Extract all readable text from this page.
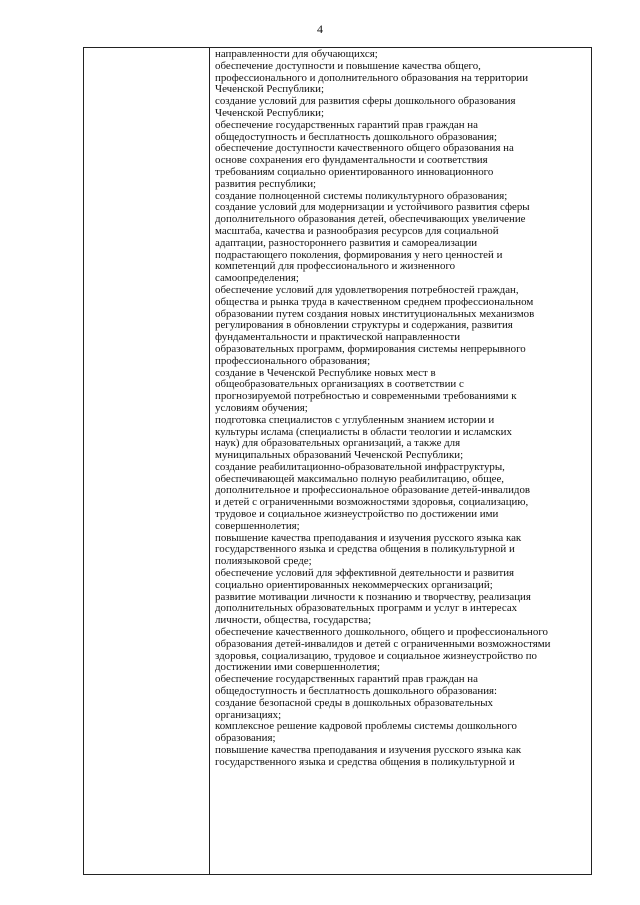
4
направленности для обучающихся;
обеспечение доступности и повышение качества общего,
профессионального и дополнительного образования на территории
Чеченской Республики;
создание условий для развития сферы дошкольного образования
Чеченской Республики;
обеспечение государственных гарантий прав граждан на
общедоступность и бесплатность дошкольного образования;
обеспечение доступности качественного общего образования на
основе сохранения его фундаментальности и соответствия
требованиям социально ориентированного инновационного
развития республики;
создание полноценной системы поликультурного образования;
создание условий для модернизации и устойчивого развития сферы
дополнительного образования детей, обеспечивающих увеличение
масштаба, качества и разнообразия ресурсов для социальной
адаптации, разностороннего развития и самореализации
подрастающего поколения, формирования у него ценностей и
компетенций для профессионального и жизненного
самоопределения;
обеспечение условий для удовлетворения потребностей граждан,
общества и рынка труда в качественном среднем профессиональном
образовании путем создания новых институциональных механизмов
регулирования в обновлении структуры и содержания, развития
фундаментальности и практической направленности
образовательных программ, формирования системы непрерывного
профессионального образования;
создание в Чеченской Республике новых мест в
общеобразовательных организациях в соответствии с
прогнозируемой потребностью и современными требованиями к
условиям обучения;
подготовка специалистов с углубленным знанием истории и
культуры ислама (специалисты в области теологии и исламских
наук) для образовательных организаций, а также для
муниципальных образований Чеченской Республики;
создание реабилитационно-образовательной инфраструктуры,
обеспечивающей максимально полную реабилитацию, общее,
дополнительное и профессиональное образование детей-инвалидов
и детей с ограниченными возможностями здоровья, социализацию,
трудовое и социальное жизнеустройство по достижении ими
совершеннолетия;
повышение качества преподавания и изучения русского языка как
государственного языка и средства общения в поликультурной и
полиязыковой среде;
обеспечение условий для эффективной деятельности и развития
социально ориентированных некоммерческих организаций;
развитие мотивации личности к познанию и творчеству, реализация
дополнительных образовательных программ и услуг в интересах
личности, общества, государства;
обеспечение качественного дошкольного, общего и профессионального
образования детей-инвалидов и детей с ограниченными возможностями
здоровья, социализацию, трудовое и социальное жизнеустройство по
достижении ими совершеннолетия;
обеспечение государственных гарантий прав граждан на
общедоступность и бесплатность дошкольного образования:
создание безопасной среды в дошкольных образовательных
организациях;
комплексное решение кадровой проблемы системы дошкольного
образования;
повышение качества преподавания и изучения русского языка как
государственного языка и средства общения в поликультурной и
